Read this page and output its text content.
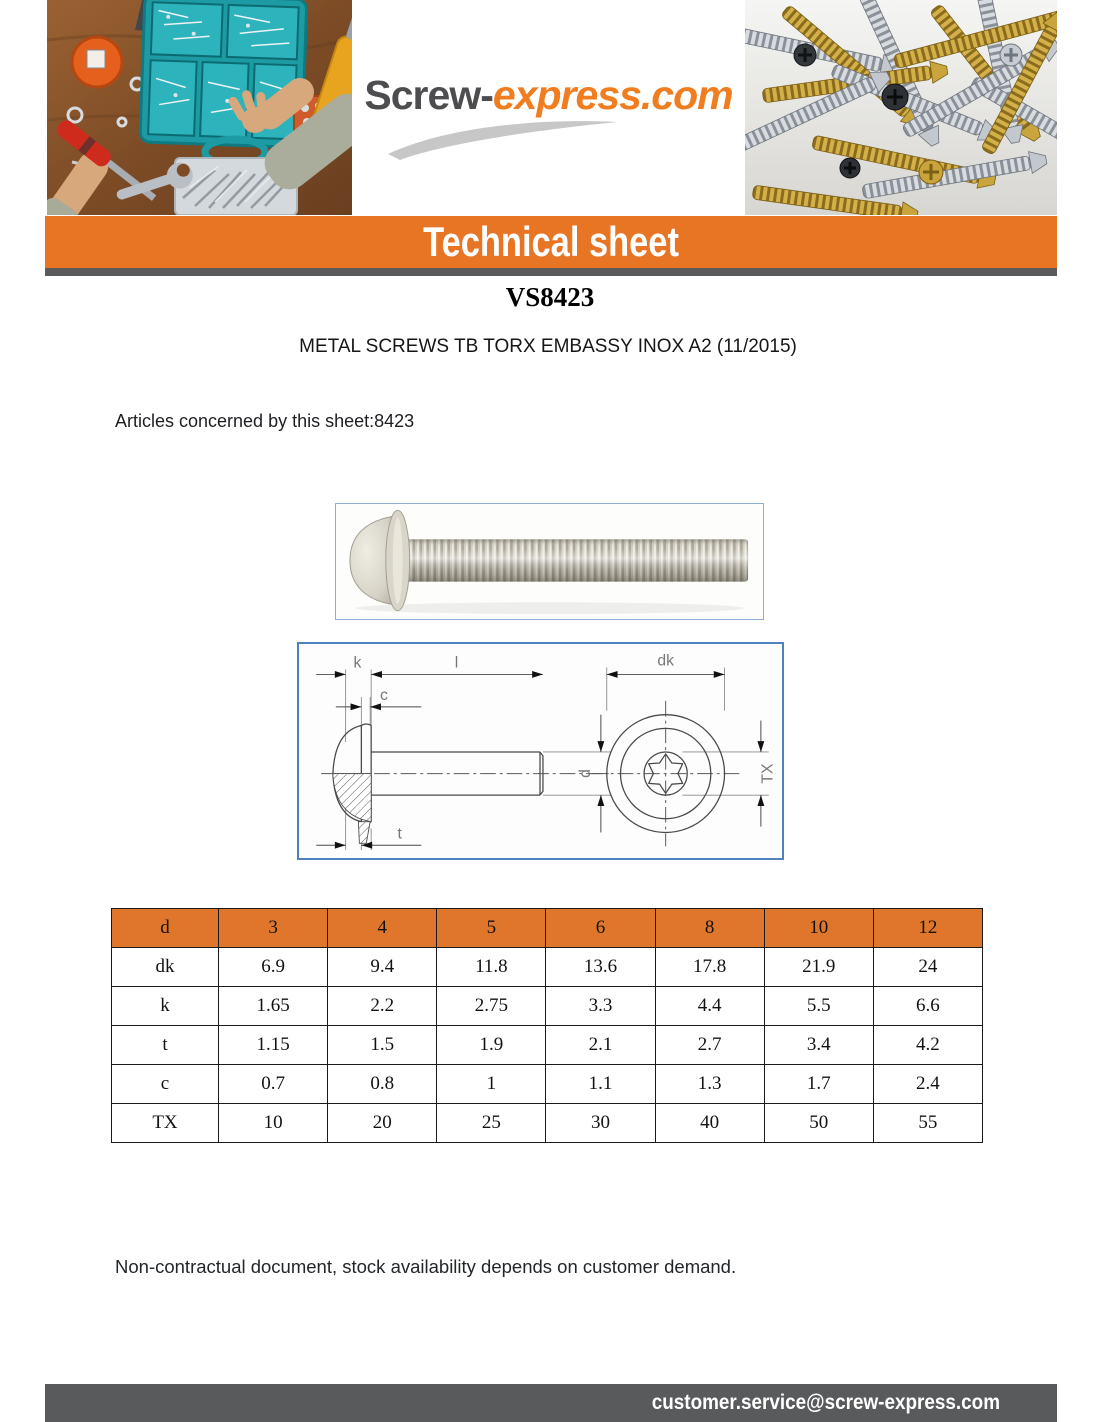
Screw-express.com
Technical sheet
VS8423
METAL SCREWS TB TORX EMBASSY INOX A2 (11/2015)
Articles concerned by this sheet:8423
k	l
c
t
d
dk
TX
d	3	4	5	6	8	10	12
dk	6.9	9.4	11.8	13.6	17.8	21.9	24
k	1.65	2.2	2.75	3.3	4.4	5.5	6.6
t	1.15	1.5	1.9	2.1	2.7	3.4	4.2
c	0.7	0.8	1	1.1	1.3	1.7	2.4
TX	10	20	25	30	40	50	55
Non-contractual document, stock availability depends on customer demand.
customer.service@screw-express.com
